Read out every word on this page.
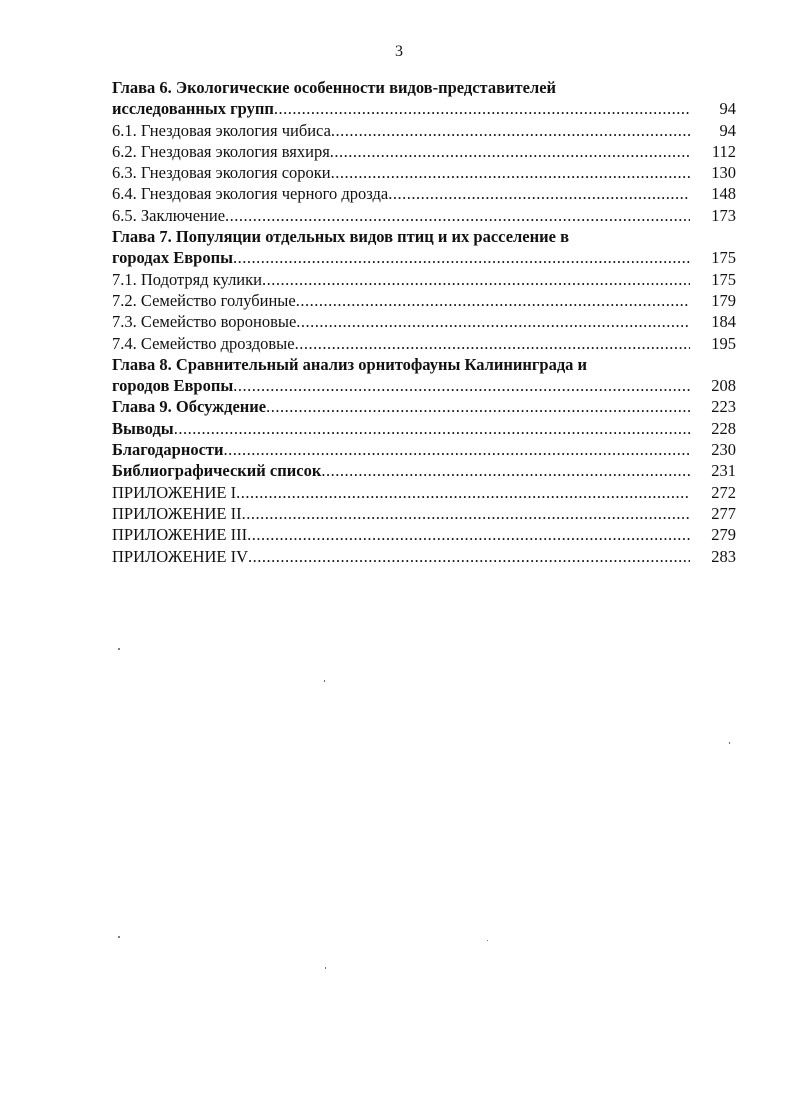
3
Глава 6. Экологические особенности видов-представителей
исследованных групп .....	94
6.1. Гнездовая экология чибиса .....	94
6.2. Гнездовая экология вяхиря .....	112
6.3. Гнездовая экология сороки .....	130
6.4. Гнездовая экология черного дрозда .....	148
6.5. Заключение .....	173
Глава 7. Популяции отдельных видов птиц и их расселение в
городах Европы .....	175
7.1. Подотряд кулики .....	175
7.2. Семейство голубиные .....	179
7.3. Семейство вороновые .....	184
7.4. Семейство дроздовые .....	195
Глава 8. Сравнительный анализ орнитофауны Калининграда и
городов Европы .....	208
Глава 9. Обсуждение .....	223
Выводы .....	228
Благодарности .....	230
Библиографический список .....	231
ПРИЛОЖЕНИЕ I .....	272
ПРИЛОЖЕНИЕ II .....	277
ПРИЛОЖЕНИЕ III .....	279
ПРИЛОЖЕНИЕ IV .....	283
